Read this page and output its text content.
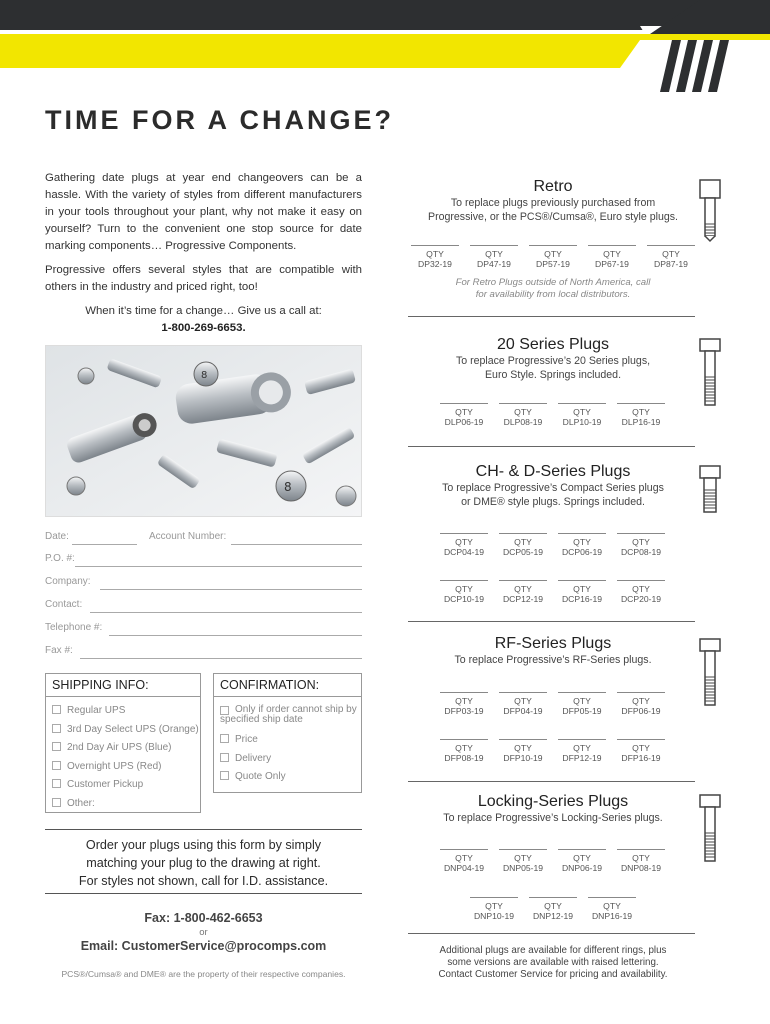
TIME FOR A CHANGE?
Gathering date plugs at year end changeovers can be a hassle. With the variety of styles from different manufacturers in your tools throughout your plant, why not make it easy on yourself? Turn to the convenient one stop source for date marking components… Progressive Components.
Progressive offers several styles that are compatible with others in the industry and priced right, too!
When it’s time for a change… Give us a call at:
1-800-269-6653.
8
8
Date:	Account Number:
P.O. #:
Company:
Contact:
Telephone #:
Fax #:
SHIPPING INFO:
Regular UPS
3rd Day Select UPS (Orange)
2nd Day Air UPS (Blue)
Overnight UPS (Red)
Customer Pickup
Other:
CONFIRMATION:
Only if order cannot ship by specified ship date
Price
Delivery
Quote Only
Order your plugs using this form by simply
matching your plug to the drawing at right.
For styles not shown, call for I.D. assistance.
Fax: 1-800-462-6653
or
Email: CustomerService@procomps.com
PCS®/Cumsa® and DME® are the property of their respective companies.
Retro
To replace plugs previously purchased from
Progressive, or the PCS®/Cumsa®, Euro style plugs.
For Retro Plugs outside of North America, call
for availability from local distributors.
20 Series Plugs
To replace Progressive’s 20 Series plugs,
Euro Style. Springs included.
CH- & D-Series Plugs
To replace Progressive’s Compact Series plugs
or DME® style plugs. Springs included.
RF-Series Plugs
To replace Progressive’s RF-Series plugs.
Locking-Series Plugs
To replace Progressive’s Locking-Series plugs.
Additional plugs are available for different rings, plus
some versions are available with raised lettering.
Contact Customer Service for pricing and availability.
QTY
DP32-19
QTY
DP47-19
QTY
DP57-19
QTY
DP67-19
QTY
DP87-19
QTY
DLP06-19
QTY
DLP08-19
QTY
DLP10-19
QTY
DLP16-19
QTY
DCP04-19
QTY
DCP05-19
QTY
DCP06-19
QTY
DCP08-19
QTY
DCP10-19
QTY
DCP12-19
QTY
DCP16-19
QTY
DCP20-19
QTY
DFP03-19
QTY
DFP04-19
QTY
DFP05-19
QTY
DFP06-19
QTY
DFP08-19
QTY
DFP10-19
QTY
DFP12-19
QTY
DFP16-19
QTY
DNP04-19
QTY
DNP05-19
QTY
DNP06-19
QTY
DNP08-19
QTY
DNP10-19
QTY
DNP12-19
QTY
DNP16-19
